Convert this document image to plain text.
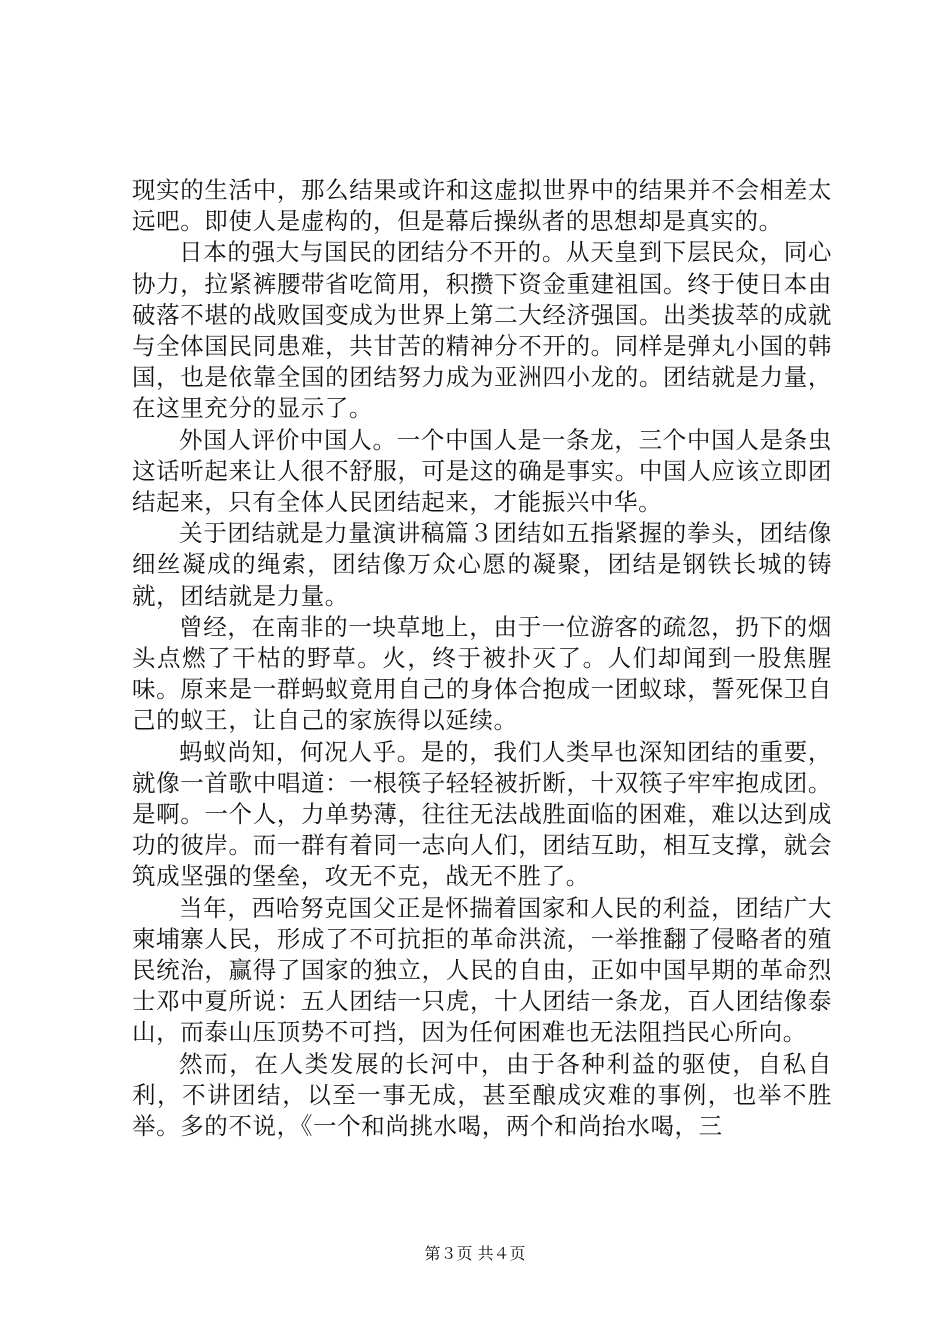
现实的生活中，那么结果或许和这虚拟世界中的结果并不会相差太远吧。即使人是虚构的，但是幕后操纵者的思想却是真实的。

日本的强大与国民的团结分不开的。从天皇到下层民众，同心协力，拉紧裤腰带省吃简用，积攒下资金重建祖国。终于使日本由破落不堪的战败国变成为世界上第二大经济强国。出类拔萃的成就与全体国民同患难，共甘苦的精神分不开的。同样是弹丸小国的韩国，也是依靠全国的团结努力成为亚洲四小龙的。团结就是力量，在这里充分的显示了。

外国人评价中国人。一个中国人是一条龙，三个中国人是条虫这话听起来让人很不舒服，可是这的确是事实。中国人应该立即团结起来，只有全体人民团结起来，才能振兴中华。

关于团结就是力量演讲稿篇３团结如五指紧握的拳头，团结像细丝凝成的绳索，团结像万众心愿的凝聚，团结是钢铁长城的铸就，团结就是力量。

曾经，在南非的一块草地上，由于一位游客的疏忽，扔下的烟头点燃了干枯的野草。火，终于被扑灭了。人们却闻到一股焦腥味。原来是一群蚂蚁竟用自己的身体合抱成一团蚁球，誓死保卫自己的蚁王，让自己的家族得以延续。

蚂蚁尚知，何况人乎。是的，我们人类早也深知团结的重要，就像一首歌中唱道：一根筷子轻轻被折断，十双筷子牢牢抱成团。是啊。一个人，力单势薄，往往无法战胜面临的困难，难以达到成功的彼岸。而一群有着同一志向人们，团结互助，相互支撑，就会筑成坚强的堡垒，攻无不克，战无不胜了。

当年，西哈努克国父正是怀揣着国家和人民的利益，团结广大柬埔寨人民，形成了不可抗拒的革命洪流，一举推翻了侵略者的殖民统治，赢得了国家的独立，人民的自由，正如中国早期的革命烈士邓中夏所说：五人团结一只虎，十人团结一条龙，百人团结像泰山，而泰山压顶势不可挡，因为任何困难也无法阻挡民心所向。

然而，在人类发展的长河中，由于各种利益的驱使，自私自利，不讲团结，以至一事无成，甚至酿成灾难的事例，也举不胜举。多的不说，《一个和尚挑水喝，两个和尚抬水喝，三

第３页 共４页
